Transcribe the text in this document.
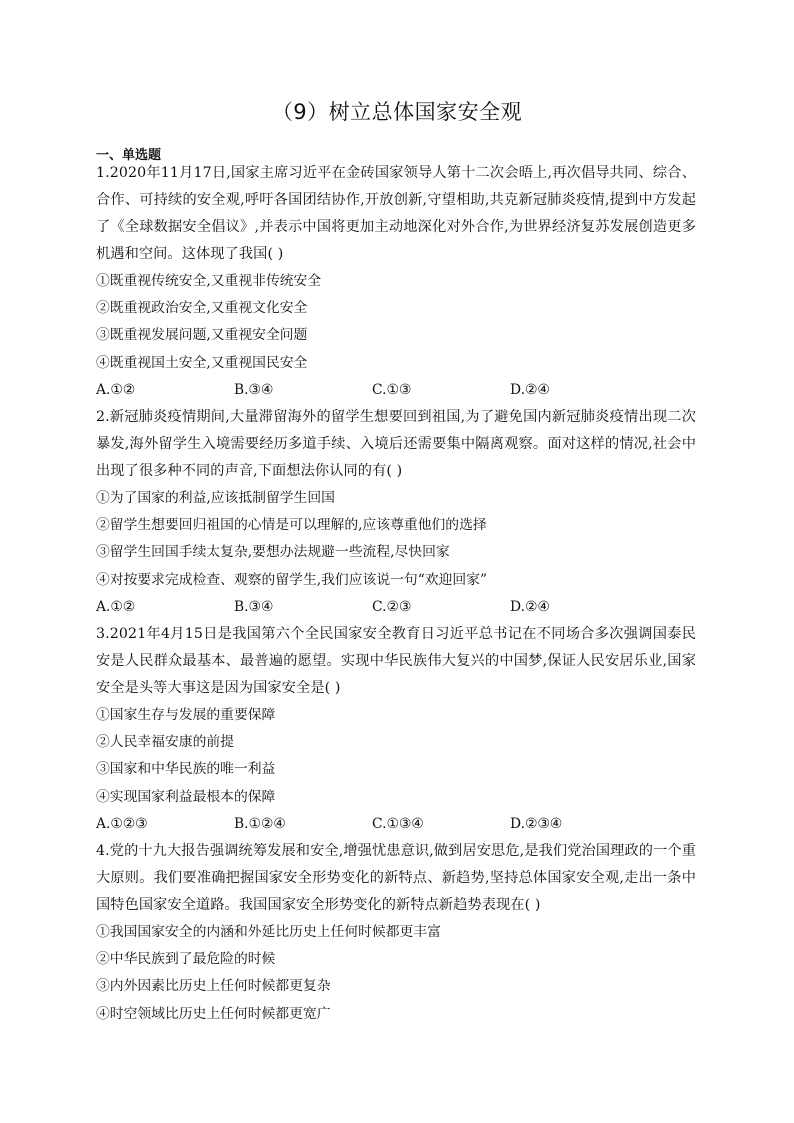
（9）树立总体国家安全观
一、单选题

1.2020年11月17日,国家主席习近平在金砖国家领导人第十二次会晤上,再次倡导共同、综合、合作、可持续的安全观,呼吁各国团结协作,开放创新,守望相助,共克新冠肺炎疫情,提到中方发起了《全球数据安全倡议》,并表示中国将更加主动地深化对外合作,为世界经济复苏发展创造更多机遇和空间。这体现了我国( )

①既重视传统安全,又重视非传统安全

②既重视政治安全,又重视文化安全

③既重视发展问题,又重视安全问题

④既重视国土安全,又重视国民安全

A.①②	B.③④	C.①③	D.②④

2.新冠肺炎疫情期间,大量滞留海外的留学生想要回到祖国,为了避免国内新冠肺炎疫情出现二次暴发,海外留学生入境需要经历多道手续、入境后还需要集中隔离观察。面对这样的情况,社会中出现了很多种不同的声音,下面想法你认同的有( )

①为了国家的利益,应该抵制留学生回国

②留学生想要回归祖国的心情是可以理解的,应该尊重他们的选择

③留学生回国手续太复杂,要想办法规避一些流程,尽快回家

④对按要求完成检查、观察的留学生,我们应该说一句“欢迎回家”

A.①②	B.③④	C.②③	D.②④

3.2021年4月15日是我国第六个全民国家安全教育日习近平总书记在不同场合多次强调国泰民安是人民群众最基本、最普遍的愿望。实现中华民族伟大复兴的中国梦,保证人民安居乐业,国家安全是头等大事这是因为国家安全是( )

①国家生存与发展的重要保障

②人民幸福安康的前提

③国家和中华民族的唯一利益

④实现国家利益最根本的保障

A.①②③	B.①②④	C.①③④	D.②③④

4.党的十九大报告强调统筹发展和安全,增强忧患意识,做到居安思危,是我们党治国理政的一个重大原则。我们要准确把握国家安全形势变化的新特点、新趋势,坚持总体国家安全观,走出一条中国特色国家安全道路。我国国家安全形势变化的新特点新趋势表现在( )

①我国国家安全的内涵和外延比历史上任何时候都更丰富

②中华民族到了最危险的时候

③内外因素比历史上任何时候都更复杂

④时空领域比历史上任何时候都更宽广
